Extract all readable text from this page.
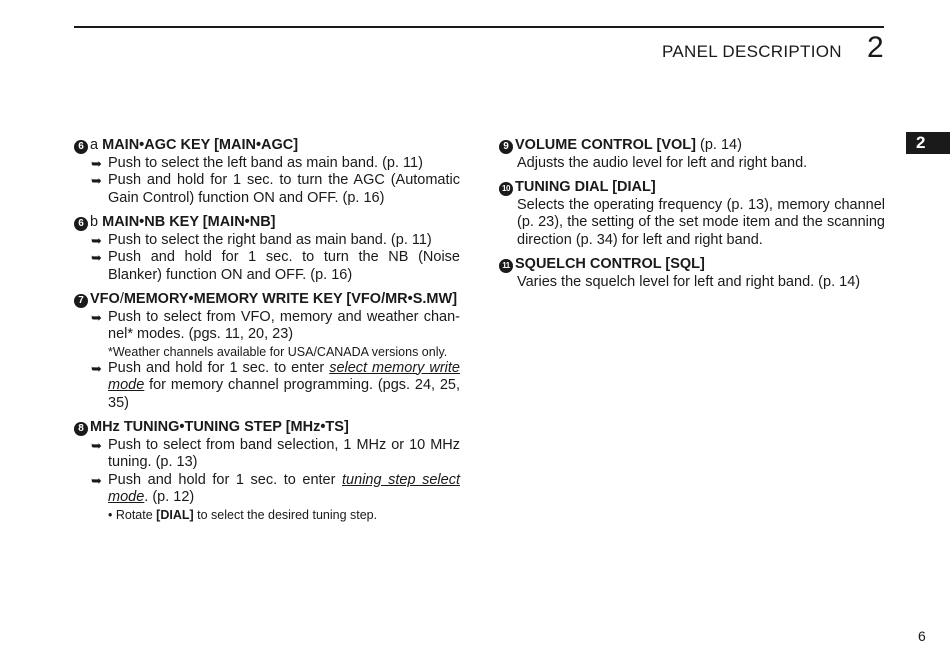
PANEL DESCRIPTION 2
2
6 a MAIN•AGC KEY [MAIN•AGC]
➥ Push to select the left band as main band. (p. 11)
➥ Push and hold for 1 sec. to turn the AGC (Automatic Gain Control) function ON and OFF. (p. 16)
6 b MAIN•NB KEY [MAIN•NB]
➥ Push to select the right band as main band. (p. 11)
➥ Push and hold for 1 sec. to turn the NB (Noise Blanker) function ON and OFF. (p. 16)
7 VFO/MEMORY•MEMORY WRITE KEY [VFO/MR•S.MW]
➥ Push to select from VFO, memory and weather chan-nel* modes. (pgs. 11, 20, 23)
*Weather channels available for USA/CANADA versions only.
➥ Push and hold for 1 sec. to enter select memory write mode for memory channel programming. (pgs. 24, 25, 35)
8 MHz TUNING•TUNING STEP [MHz•TS]
➥ Push to select from band selection, 1 MHz or 10 MHz tuning. (p. 13)
➥ Push and hold for 1 sec. to enter tuning step select mode. (p. 12)
• Rotate [DIAL] to select the desired tuning step.
9 VOLUME CONTROL [VOL] (p. 14)
Adjusts the audio level for left and right band.
10 TUNING DIAL [DIAL]
Selects the operating frequency (p. 13), memory channel (p. 23), the setting of the set mode item and the scanning direction (p. 34) for left and right band.
11 SQUELCH CONTROL [SQL]
Varies the squelch level for left and right band. (p. 14)
6
